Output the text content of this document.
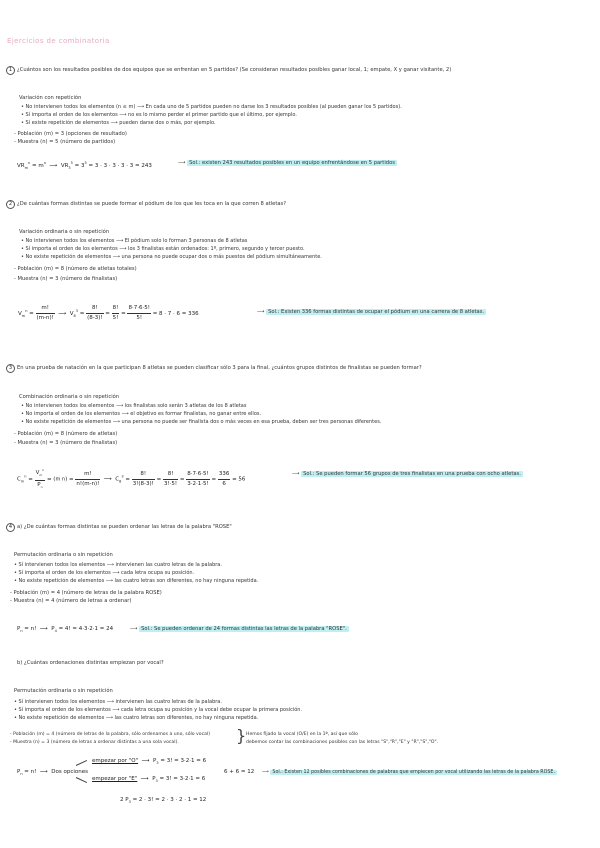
Ejercicios de combinatoria
1 ¿Cuántos son los resultados posibles de dos equipos que se enfrentan en 5 partidos? (Se consideran resultados posibles ganar local, 1; empate, X y ganar visitante, 2)
Variación con repetición
• No intervienen todos los elementos (n ≤ m) ⟶ En cada uno de 5 partidos pueden no darse los 3 resultados posibles (al pueden ganar los 5 partidos).
• Sí importa el orden de los elementos ⟶ no es lo mismo perder el primer partido que el último, por ejemplo.
• Sí existe repetición de elementos ⟶ pueden darse dos o más, por ejemplo.
- Población (m) = 3 (opciones de resultado)
- Muestra (n) = 5 (número de partidos)
$VR_m^n = m^n$  ⟶  $VR_3^5 = 3^5 = 3 \cdot 3 \cdot 3 \cdot 3 \cdot 3 = 243$	⟶ Sol.: existen 243 resultados posibles en un equipo enfrentándose en 5 partidos
2 ¿De cuántas formas distintas se puede formar el pódium de los que les toca en la que corren 8 atletas?
Variación ordinaria o sin repetición
• No intervienen todos los elementos ⟶ El pódium solo lo forman 3 personas de 8 atletas
• Sí importa el orden de los elementos ⟶ los 3 finalistas están ordenados: 1º, primero, segundo y tercer puesto.
• No existe repetición de elementos ⟶ una persona no puede ocupar dos o más puestos del pódium simultáneamente.
- Población (m) = 8 (número de atletas totales)
- Muestra (n) = 3 (número de finalistas)
$V_m^n = \frac{m!}{(m-n)!}$ ⟶  $V_8^3 = \frac{8!}{(8-3)!} = \frac{8!}{5!} = \frac{8\cdot 7\cdot 6\cdot 5!}{5!} = 8 \cdot 7 \cdot 6 = 336$	⟶ Sol.: Existen 336 formas distintas de ocupar el pódium en una carrera de 8 atletas.
3 En una prueba de natación en la que participan 8 atletas se pueden clasificar sólo 3 para la final, ¿cuántos grupos distintos de finalistas se pueden formar?
Combinación ordinaria o sin repetición
• No intervienen todos los elementos ⟶ los finalistas solo serán 3 atletas de los 8 atletas
• No importa el orden de los elementos ⟶ el objetivo es formar finalistas, no ganar entre ellos.
• No existe repetición de elementos ⟶ una persona no puede ser finalista dos o más veces en esa prueba, deben ser tres personas diferentes.
- Población (m) = 8 (número de atletas)
- Muestra (n) = 3 (número de finalistas)
$C_m^n = \frac{V_m^n}{P_n} = (m$ $n) = \frac{m!}{n!(m-n)!}$ ⟶  $C_8^3 = \frac{8!}{3!(8-3)!} = \frac{8!}{3!\cdot 5!} = \frac{8\cdot 7\cdot 6\cdot 5!}{3\cdot 2\cdot 1\cdot 5!} = \frac{336}{6} = 56$
⟶ Sol.: Se pueden formar 56 grupos de tres finalistas en una prueba con ocho atletas.
4 a) ¿De cuántas formas distintas se pueden ordenar las letras de la palabra "ROSE"
Permutación ordinaria o sin repetición
• Sí intervienen todos los elementos ⟶ intervienen las cuatro letras de la palabra.
• Sí importa el orden de los elementos ⟶ cada letra ocupa su posición.
• No existe repetición de elementos ⟶ las cuatro letras son diferentes, no hay ninguna repetida.
- Población (m) = 4 (número de letras de la palabra ROSE)
- Muestra (n) = 4 (número de letras a ordenar)
$P_n = n$!  ⟶  $P_4 = 4$! = 4·3·2·1 = 24	⟶ Sol.: Se pueden ordenar de 24 formas distintas las letras de la palabra "ROSE".
b) ¿Cuántas ordenaciones distintas empiezan por vocal?
Permutación ordinaria o sin repetición
• Sí intervienen todos los elementos ⟶ intervienen las cuatro letras de la palabra.
• Sí importa el orden de los elementos ⟶ cada letra ocupa su posición y la vocal debe ocupar la primera posición.
• No existe repetición de elementos ⟶ las cuatro letras son diferentes, no hay ninguna repetida.
- Población (m) = 4 (número de letras de la palabra, sólo ordenamos a uno, sólo vocal)
- Muestra (n) = 3 (número de letras a ordenar distintas a una sola vocal).	} Hemos fijado la vocal (O/E) en la 1ª, así que sólo
debemos contar las combinaciones posibles con las letras "S","R","E" y "R","S","O".
$P_n = n$!  ⟶  Dos opciones
empezar por "O"  ⟶  $P_3 = 3$! = 3·2·1 = 6
empezar por "E"  ⟶  $P_3 = 3$! = 3·2·1 = 6
6 + 6 = 12 ⟶ Sol.: Existen 12 posibles combinaciones de palabras que empiecen por vocal utilizando las letras de la palabra ROSE.
2 $P_3 = 2 \cdot 3$! = 2 · 3 · 2 · 1 = 12
